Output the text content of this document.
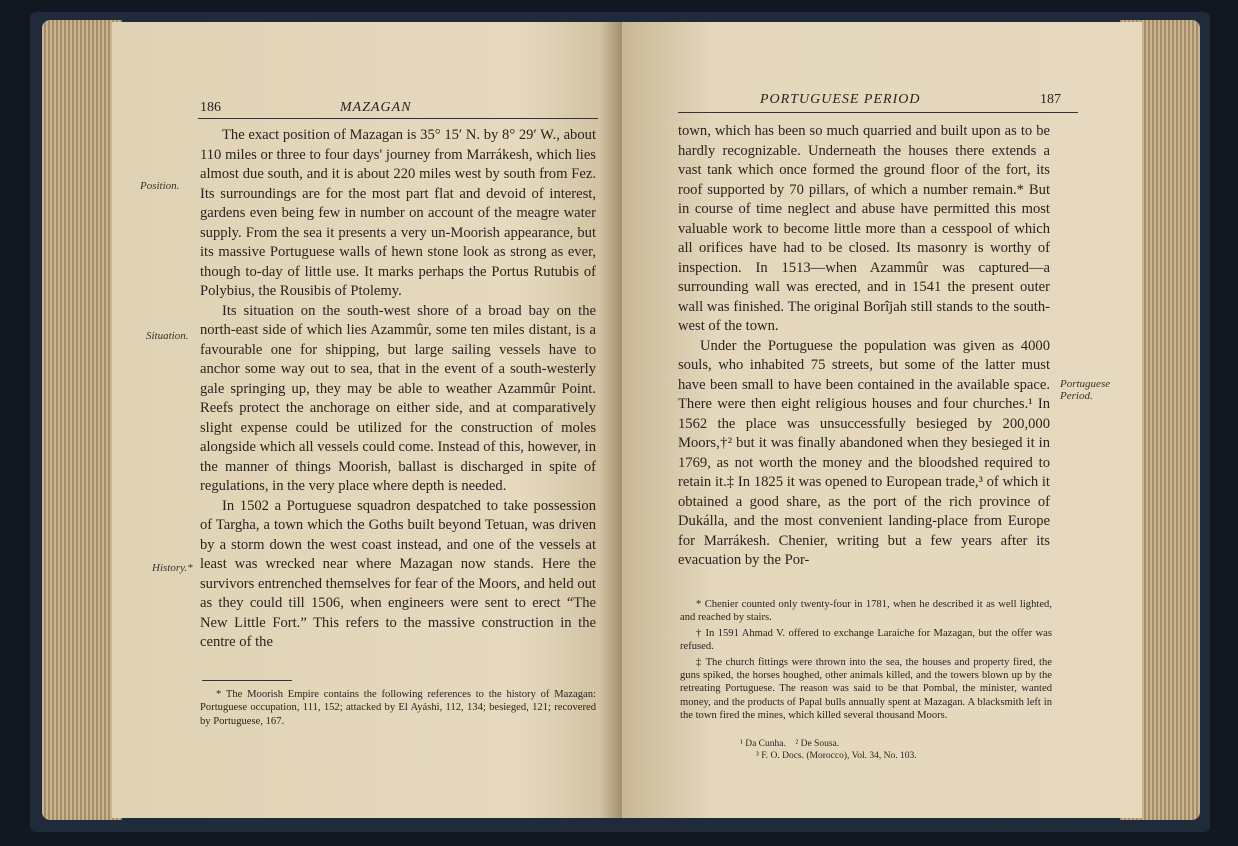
186	MAZAGAN
Position.
Situation.
History.*

The exact position of Mazagan is 35° 15′ N. by 8° 29′ W., about 110 miles or three to four days' journey from Marrákesh, which lies almost due south, and it is about 220 miles west by south from Fez. Its surroundings are for the most part flat and devoid of interest, gardens even being few in number on account of the meagre water supply. From the sea it presents a very un-Moorish appearance, but its massive Portuguese walls of hewn stone look as strong as ever, though to-day of little use. It marks perhaps the Portus Rutubis of Polybius, the Rousibis of Ptolemy.

Its situation on the south-west shore of a broad bay on the north-east side of which lies Azammûr, some ten miles distant, is a favourable one for shipping, but large sailing vessels have to anchor some way out to sea, that in the event of a south-westerly gale springing up, they may be able to weather Azammûr Point. Reefs protect the anchorage on either side, and at comparatively slight expense could be utilized for the construction of moles alongside which all vessels could come. Instead of this, however, in the manner of things Moorish, ballast is discharged in spite of regulations, in the very place where depth is needed.

In 1502 a Portuguese squadron despatched to take possession of Targha, a town which the Goths built beyond Tetuan, was driven by a storm down the west coast instead, and one of the vessels at least was wrecked near where Mazagan now stands. Here the survivors entrenched themselves for fear of the Moors, and held out as they could till 1506, when engineers were sent to erect “The New Little Fort.” This refers to the massive construction in the centre of the

* The Moorish Empire contains the following references to the history of Mazagan: Portuguese occupation, 111, 152; attacked by El Ayáshi, 112, 134; besieged, 121; recovered by Portuguese, 167.

PORTUGUESE PERIOD	187

town, which has been so much quarried and built upon as to be hardly recognizable. Underneath the houses there extends a vast tank which once formed the ground floor of the fort, its roof supported by 70 pillars, of which a number remain.* But in course of time neglect and abuse have permitted this most valuable work to become little more than a cesspool of which all orifices have had to be closed. Its masonry is worthy of inspection. In 1513—when Azammûr was captured—a surrounding wall was erected, and in 1541 the present outer wall was finished. The original Borîjah still stands to the south-west of the town.

Under the Portuguese the population was given as 4000 souls, who inhabited 75 streets, but some of the latter must have been small to have been contained in the available space. There were then eight religious houses and four churches.¹ In 1562 the place was unsuccessfully besieged by 200,000 Moors,†² but it was finally abandoned when they besieged it in 1769, as not worth the money and the bloodshed required to retain it.‡ In 1825 it was opened to European trade,³ of which it obtained a good share, as the port of the rich province of Dukálla, and the most convenient landing-place from Europe for Marrákesh. Chenier, writing but a few years after its evacuation by the Por-

Portuguese Period.

* Chenier counted only twenty-four in 1781, when he described it as well lighted, and reached by stairs.

† In 1591 Ahmad V. offered to exchange Laraiche for Mazagan, but the offer was refused.

‡ The church fittings were thrown into the sea, the houses and property fired, the guns spiked, the horses houghed, other animals killed, and the towers blown up by the retreating Portuguese. The reason was said to be that Pombal, the minister, wanted money, and the products of Papal bulls annually spent at Mazagan. A blacksmith left in the town fired the mines, which killed several thousand Moors.

¹ Da Cunha. ² De Sousa.
³ F. O. Docs. (Morocco), Vol. 34, No. 103.
